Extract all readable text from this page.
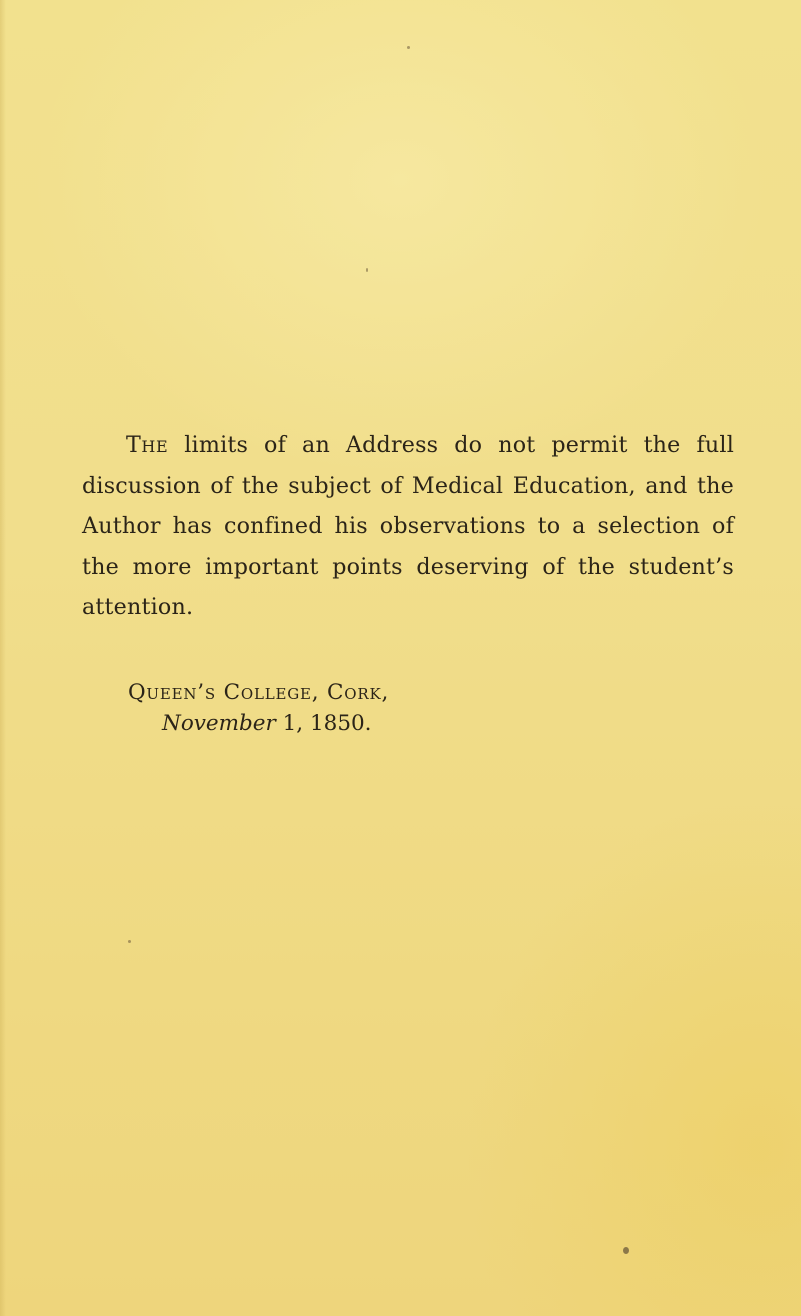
The limits of an Address do not permit the full discussion of the subject of Medical Education, and the Author has confined his observations to a selection of the more important points deserving of the student’s attention.

Queen’s College, Cork,
November 1, 1850.
